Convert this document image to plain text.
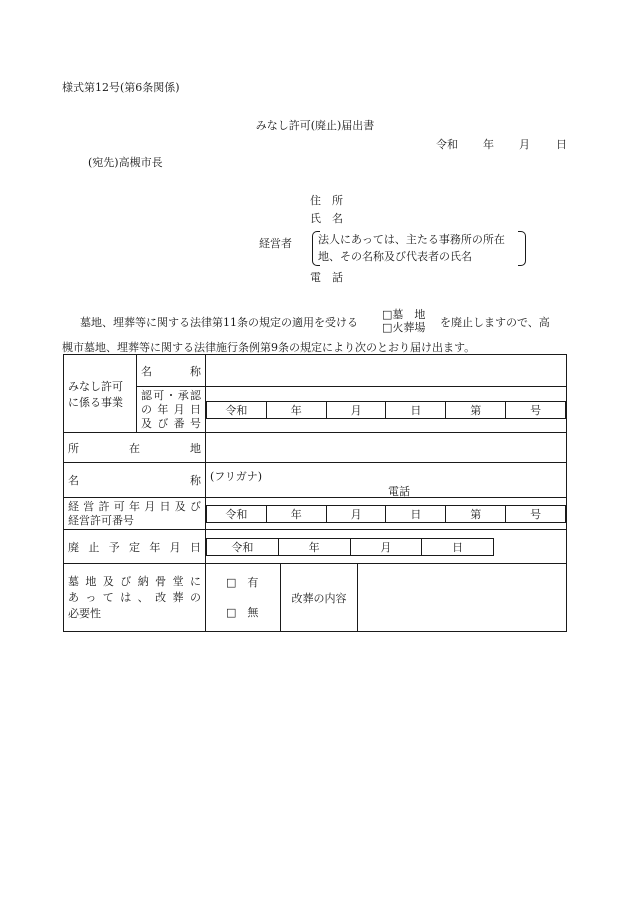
様式第12号(第6条関係)
みなし許可(廃止)届出書
令和 年 月 日
(宛先)高槻市長
住　所
氏　名
経営者 法人にあっては、主たる事務所の所在
地、その名称及び代表者の氏名
電　話
墓地、埋葬等に関する法律第11条の規定の適用を受ける
□墓　地
□火葬場 を廃止しますので、高
槻市墓地、埋葬等に関する法律施行条例第9条の規定により次のとおり届け出ます。
みなし許可
に係る事業

名　　　称

認可・承認
の年月日
及び番号

令和	年	月	日	第	号

所　　在　　地

名　　　　　　称	(フリガナ)
電話

経営許可年月日及び
経営許可番号
		令和	年	月	日	第	号

廃止予定年月日
		令和	年	月	日

墓地及び納骨堂に
あっては、改葬の
必要性

□　 有
□　 無
	改葬の内容	
